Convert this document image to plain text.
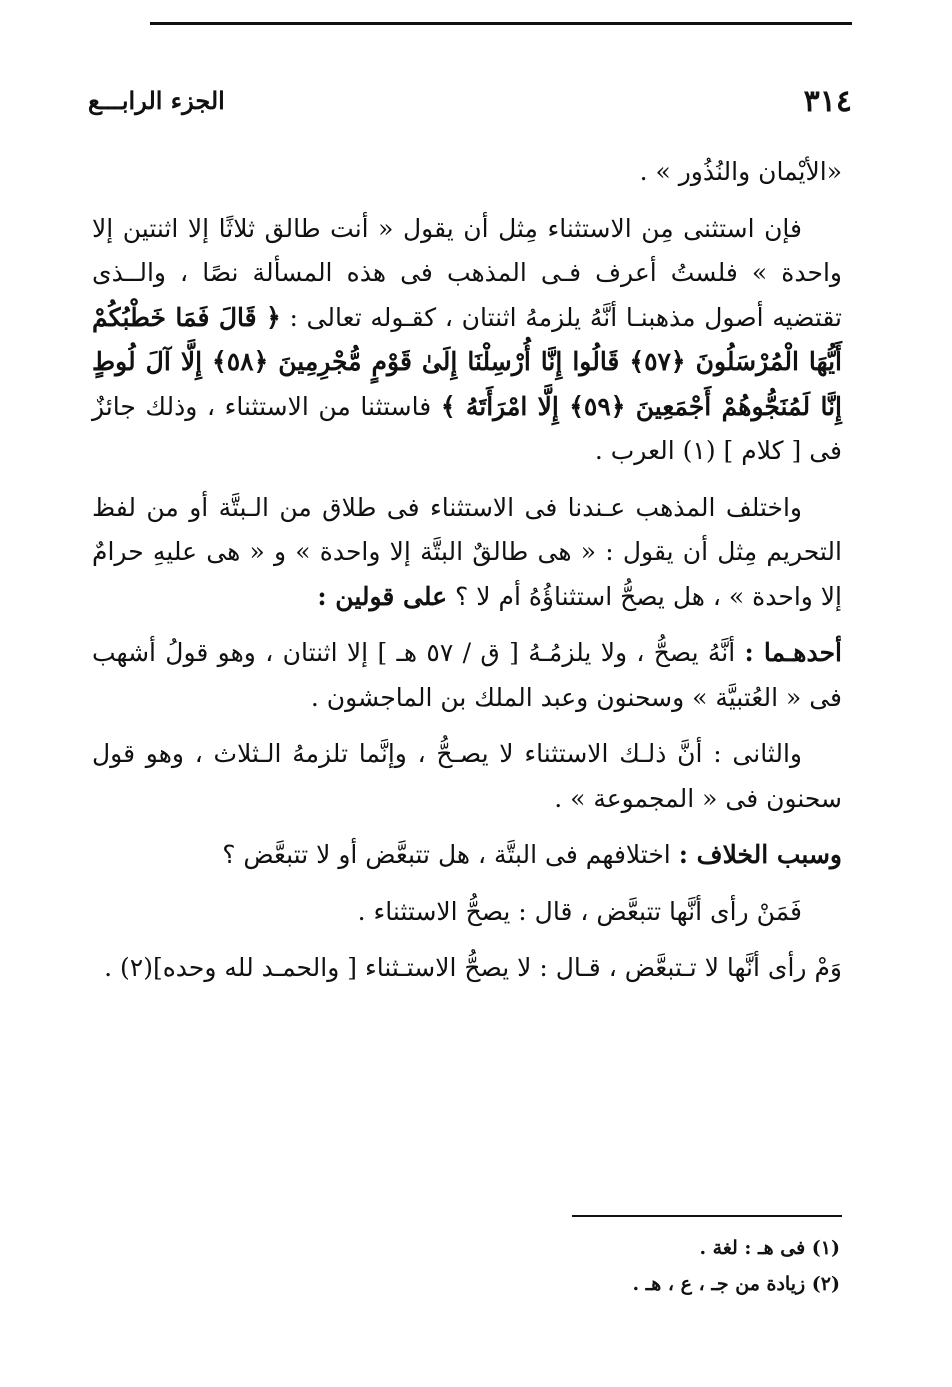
٣١٤
الجزء الرابـــع

«الأيْمان والنُذُور » .

فإن استثنى مِن الاستثناء مِثل أن يقول « أنت طالق ثلاثًا إلا اثنتين إلا واحدة » فلستُ أعرف فـى المذهب فى هذه المسألة نصًا ، والــذى تقتضيه أصول مذهبنـا أنَّهُ يلزمهُ اثنتان ، كقـوله تعالى : ﴿ قَالَ فَمَا خَطْبُكُمْ أَيُّهَا الْمُرْسَلُونَ ﴿٥٧﴾ قَالُوا إِنَّا أُرْسِلْنَا إِلَىٰ قَوْمٍ مُّجْرِمِينَ ﴿٥٨﴾ إِلَّا آلَ لُوطٍ إِنَّا لَمُنَجُّوهُمْ أَجْمَعِينَ ﴿٥٩﴾ إِلَّا امْرَأَتَهُ ﴾ فاستثنا من الاستثناء ، وذلك جائزٌ فى [ كلام ] (١) العرب .

واختلف المذهب عـندنا فى الاستثناء فى طلاق من الـبتَّة أو من لفظ التحريم مِثل أن يقول : « هى طالقٌ البتَّة إلا واحدة » و « هى عليهِ حرامٌ إلا واحدة » ، هل يصحُّ استثناؤُهُ أم لا ؟ على قولين :

أحدهـما : أنَّهُ يصحُّ ، ولا يلزمُـهُ [ ق / ٥٧ هـ ] إلا اثنتان ، وهو قولُ أشهب فى « العُتبيَّة » وسحنون وعبد الملك بن الماجشون .

والثانى : أنَّ ذلـك الاستثناء لا يصـحُّ ، وإنَّما تلزمهُ الـثلاث ، وهو قول سحنون فى « المجموعة » .

وسبب الخلاف : اختلافهم فى البتَّة ، هل تتبعَّض أو لا تتبعَّض ؟

فَمَنْ رأى أنَّها تتبعَّض ، قال : يصحُّ الاستثناء .

وَمْ رأى أنَّها لا تـتبعَّض ، قـال : لا يصحُّ الاستـثناء [ والحمـد لله وحده](٢) .

(١) فى هـ : لغة .
(٢) زيادة من جـ ، ع ، هـ .
